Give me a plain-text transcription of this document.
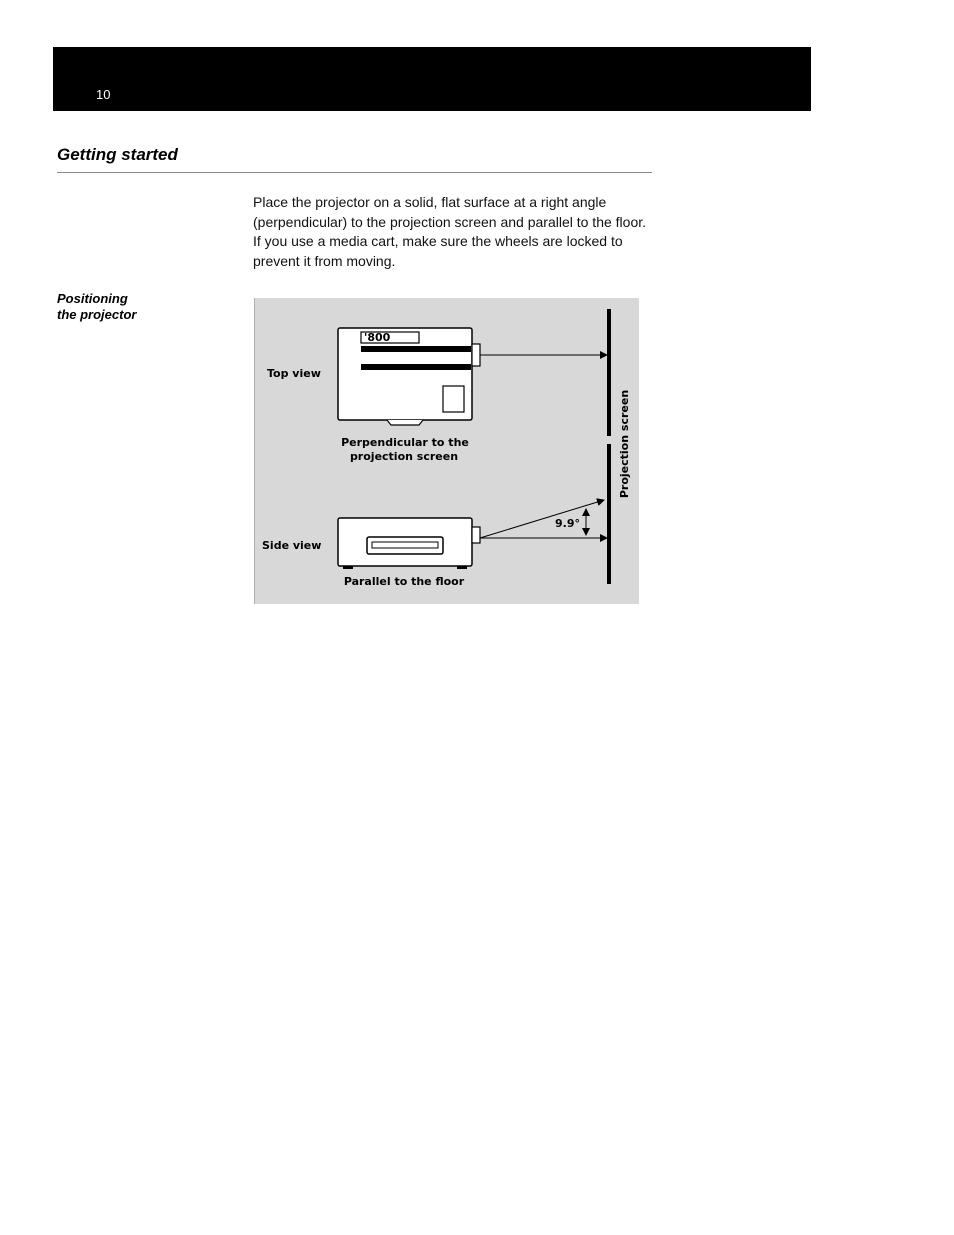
10
Getting started

Place the projector on a solid, flat surface at a right angle (perpendicular) to the projection screen and parallel to the floor. If you use a media cart, make sure the wheels are locked to prevent it from moving.

Positioning
the projector
'800
Top view
Side view
Perpendicular to the
projection screen
Parallel to the floor
9.9°
Projection screen
